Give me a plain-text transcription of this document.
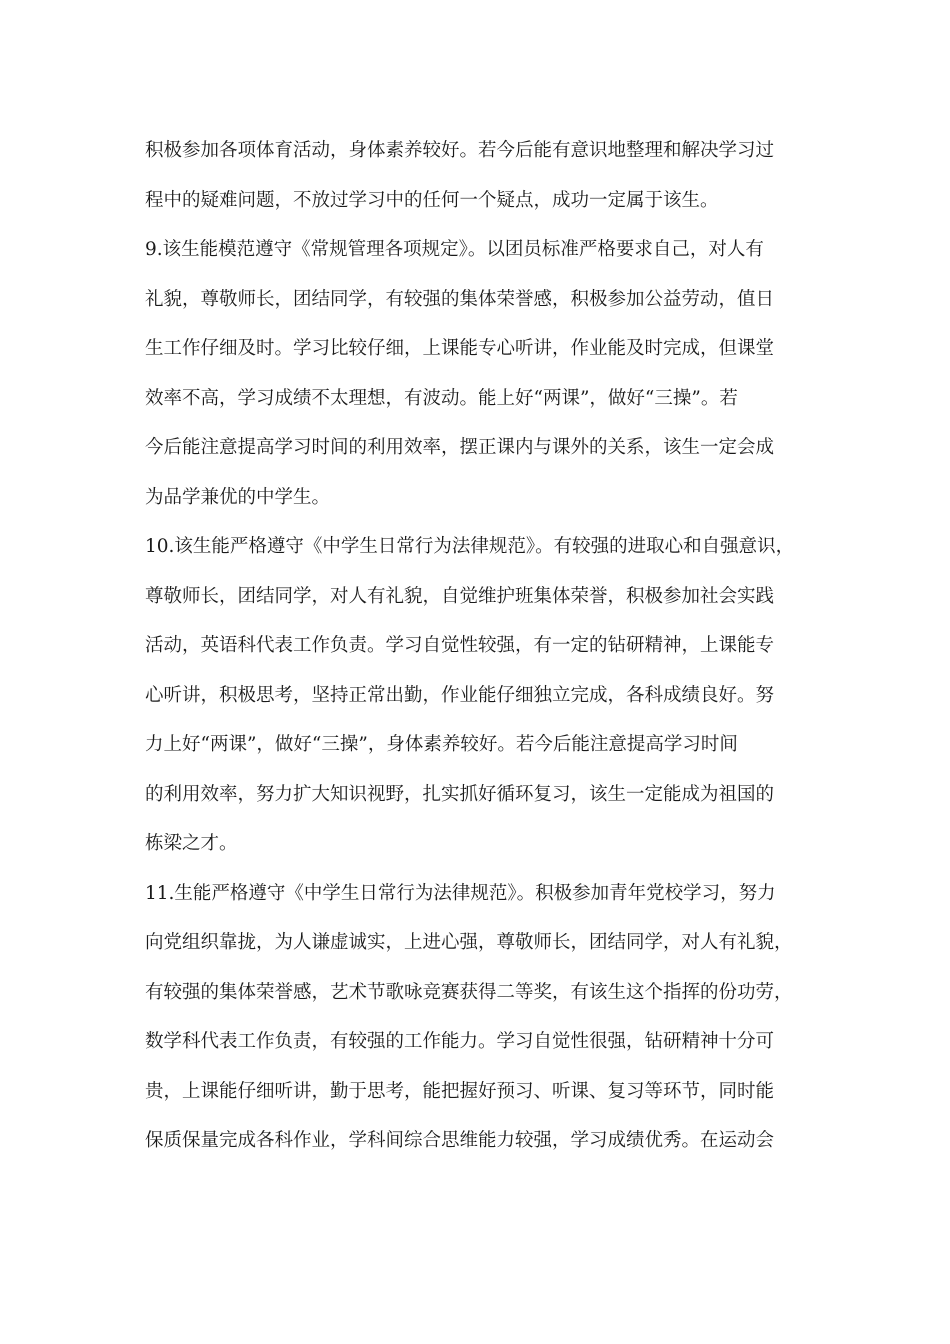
积极参加各项体育活动，身体素养较好。若今后能有意识地整理和解决学习过
程中的疑难问题，不放过学习中的任何一个疑点，成功一定属于该生。
9.该生能模范遵守《常规管理各项规定》。以团员标准严格要求自己，对人有
礼貌，尊敬师长，团结同学，有较强的集体荣誉感，积极参加公益劳动，值日
生工作仔细及时。学习比较仔细，上课能专心听讲，作业能及时完成，但课堂
效率不高，学习成绩不太理想，有波动。能上好“两课”，做好“三操”。若
今后能注意提高学习时间的利用效率，摆正课内与课外的关系，该生一定会成
为品学兼优的中学生。
10.该生能严格遵守《中学生日常行为法律规范》。有较强的进取心和自强意识，
尊敬师长，团结同学，对人有礼貌，自觉维护班集体荣誉，积极参加社会实践
活动，英语科代表工作负责。学习自觉性较强，有一定的钻研精神，上课能专
心听讲，积极思考，坚持正常出勤，作业能仔细独立完成，各科成绩良好。努
力上好“两课”，做好“三操”，身体素养较好。若今后能注意提高学习时间
的利用效率，努力扩大知识视野，扎实抓好循环复习，该生一定能成为祖国的
栋梁之才。
11.生能严格遵守《中学生日常行为法律规范》。积极参加青年党校学习，努力
向党组织靠拢，为人谦虚诚实，上进心强，尊敬师长，团结同学，对人有礼貌，
有较强的集体荣誉感，艺术节歌咏竞赛获得二等奖，有该生这个指挥的份功劳，
数学科代表工作负责，有较强的工作能力。学习自觉性很强，钻研精神十分可
贵，上课能仔细听讲，勤于思考，能把握好预习、听课、复习等环节，同时能
保质保量完成各科作业，学科间综合思维能力较强，学习成绩优秀。在运动会
